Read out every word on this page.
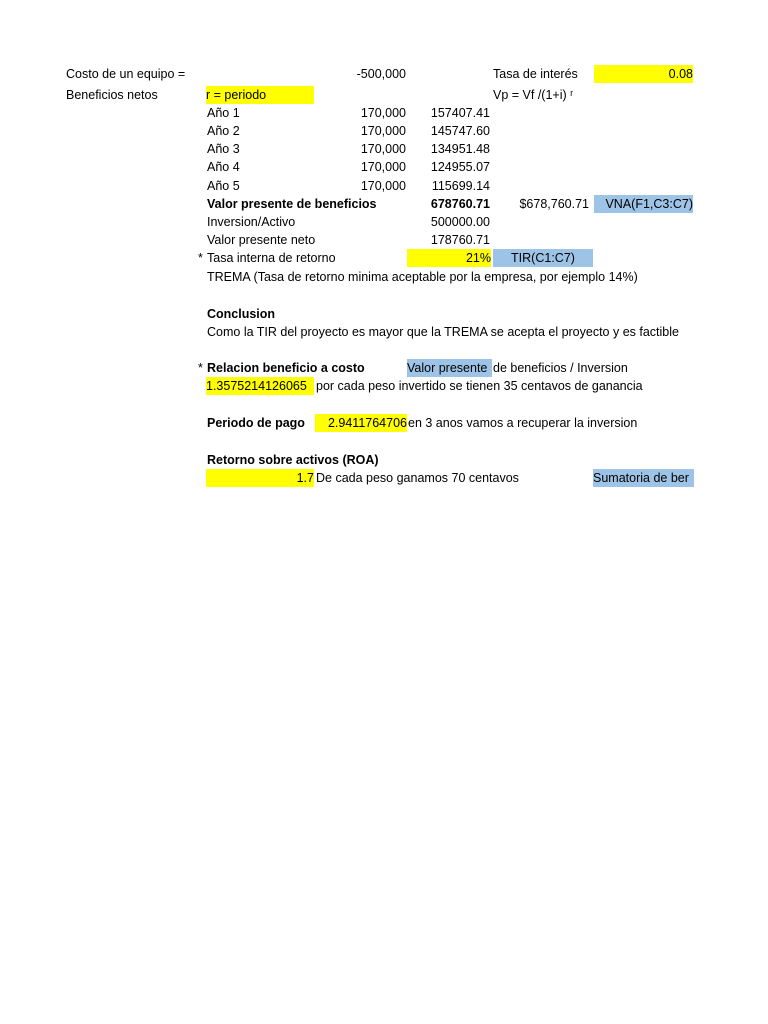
Costo de un equipo =	-500,000	Tasa de interés	0.08
Beneficios netos	r = periodo	Vp = Vf /(1+i) ʳ
Año 1	170,000	157407.41
Año 2	170,000	145747.60
Año 3	170,000	134951.48
Año 4	170,000	124955.07
Año 5	170,000	115699.14
Valor presente de beneficios	678760.71	$678,760.71	VNA(F1,C3:C7)
Inversion/Activo	500000.00
Valor presente neto	178760.71
* Tasa interna de retorno	21%	TIR(C1:C7)
TREMA (Tasa de retorno minima aceptable por la empresa, por ejemplo 14%)
Conclusion
Como la TIR del proyecto es mayor que la TREMA se acepta el proyecto y es factible
* Relacion beneficio a costo	Valor presente de beneficios / Inversion
1.3575214126065 por cada peso invertido se tienen 35 centavos de ganancia
Periodo de pago	2.9411764706 en 3 anos vamos a recuperar la inversion
Retorno sobre activos (ROA)
1.7 De cada peso ganamos 70 centavos	Sumatoria de ber
